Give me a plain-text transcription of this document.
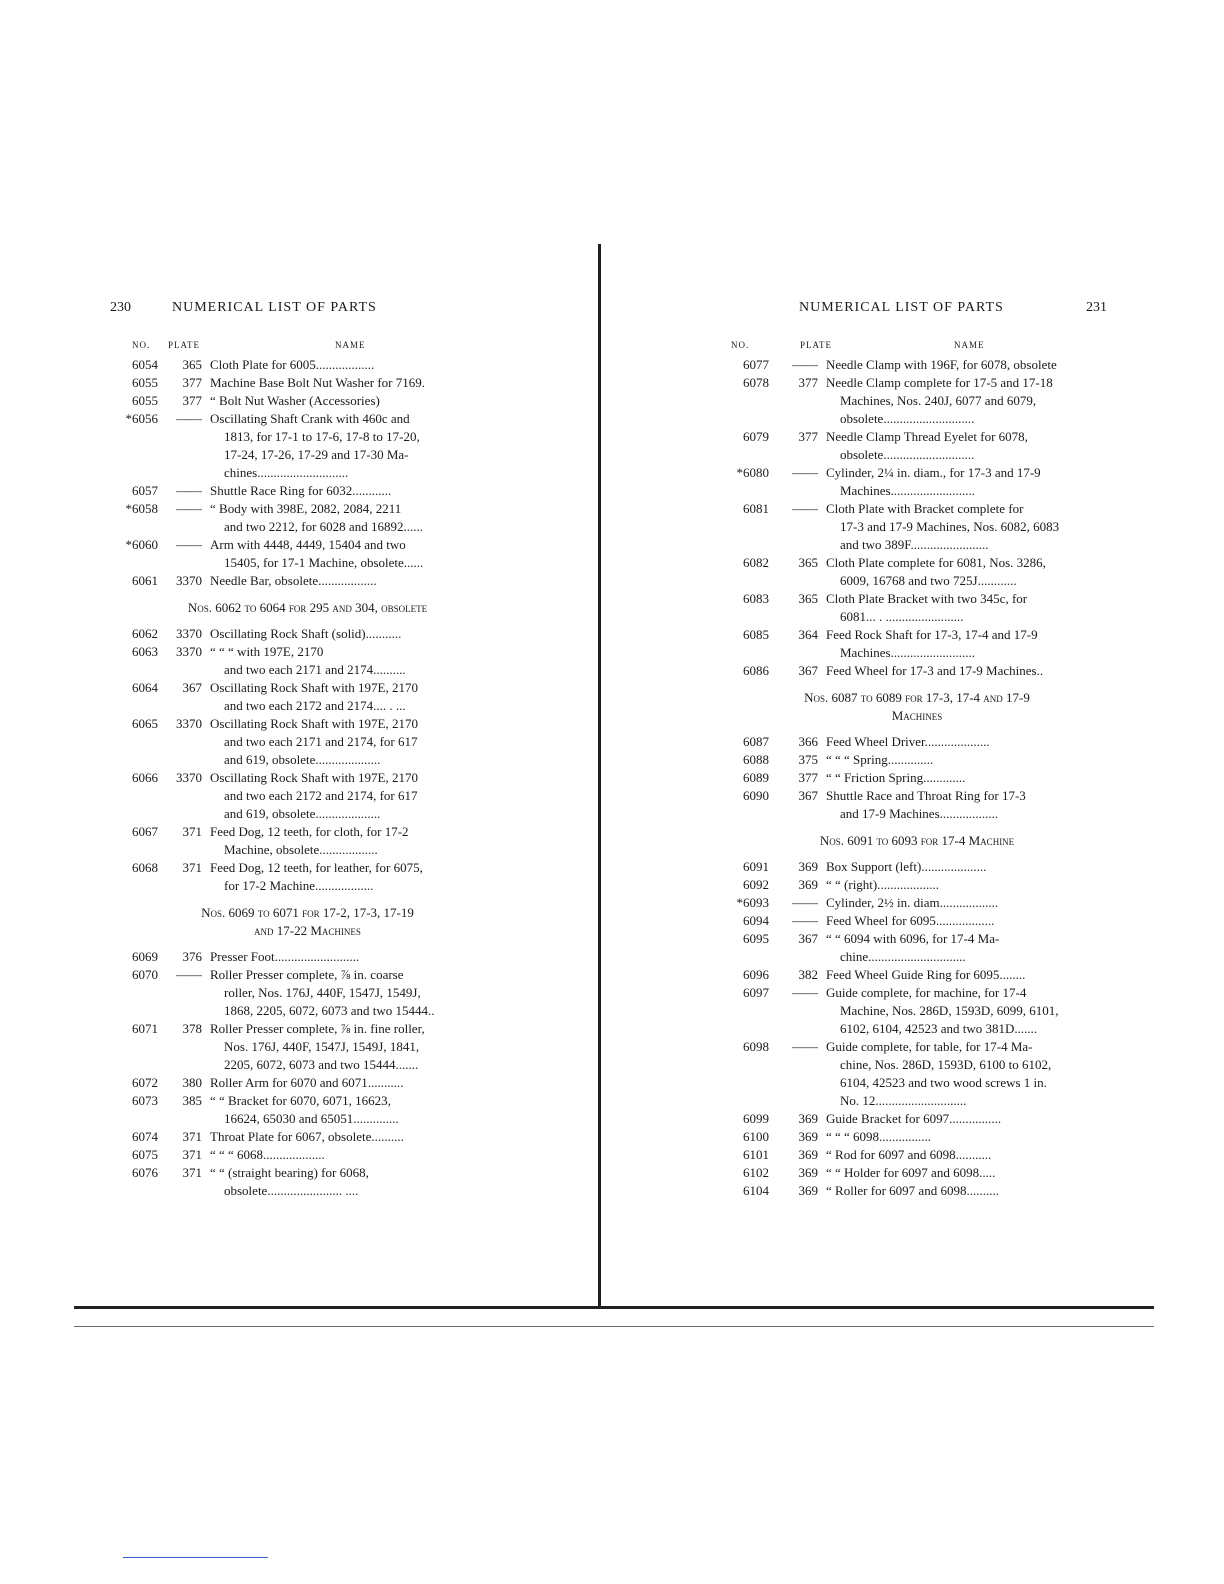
230	NUMERICAL LIST OF PARTS
NO. PLATE	NAME
6054	365 Cloth Plate for 6005..................
6055	377 Machine Base Bolt Nut Washer for 7169.
6055	377 “ Bolt Nut Washer (Accessories)
*6056	—— Oscillating Shaft Crank with 460c and
1813, for 17-1 to 17-6, 17-8 to 17-20,
17-24, 17-26, 17-29 and 17-30 Ma-
chines............................
6057	—— Shuttle Race Ring for 6032............
*6058	—— “ Body with 398E, 2082, 2084, 2211
and two 2212, for 6028 and 16892......
*6060	—— Arm with 4448, 4449, 15404 and two
15405, for 17-1 Machine, obsolete......
6061	3370 Needle Bar, obsolete..................
Nos. 6062 to 6064 for 295 and 304, obsolete
6062	3370 Oscillating Rock Shaft (solid)...........
6063	3370 “ “ “ with 197E, 2170
and two each 2171 and 2174..........
6064	367 Oscillating Rock Shaft with 197E, 2170
and two each 2172 and 2174.... . ...
6065	3370 Oscillating Rock Shaft with 197E, 2170
and two each 2171 and 2174, for 617
and 619, obsolete....................
6066	3370 Oscillating Rock Shaft with 197E, 2170
and two each 2172 and 2174, for 617
and 619, obsolete....................
6067	371 Feed Dog, 12 teeth, for cloth, for 17-2
Machine, obsolete..................
6068	371 Feed Dog, 12 teeth, for leather, for 6075,
for 17-2 Machine..................
Nos. 6069 to 6071 for 17-2, 17-3, 17-19
and 17-22 Machines
6069	376 Presser Foot..........................
6070	—— Roller Presser complete, ⅞ in. coarse
roller, Nos. 176J, 440F, 1547J, 1549J,
1868, 2205, 6072, 6073 and two 15444..
6071	378 Roller Presser complete, ⅞ in. fine roller,
Nos. 176J, 440F, 1547J, 1549J, 1841,
2205, 6072, 6073 and two 15444.......
6072	380 Roller Arm for 6070 and 6071...........
6073	385 “ “ Bracket for 6070, 6071, 16623,
16624, 65030 and 65051..............
6074	371 Throat Plate for 6067, obsolete..........
6075	371 “ “ “ 6068...................
6076	371 “ “ (straight bearing) for 6068,
obsolete....................... ....
NUMERICAL LIST OF PARTS	231
NO.	PLATE	NAME
6077	—— Needle Clamp with 196F, for 6078, obsolete
6078	377 Needle Clamp complete for 17-5 and 17-18
Machines, Nos. 240J, 6077 and 6079,
obsolete............................
6079	377 Needle Clamp Thread Eyelet for 6078,
obsolete............................
*6080	—— Cylinder, 2¼ in. diam., for 17-3 and 17-9
Machines..........................
6081	—— Cloth Plate with Bracket complete for
17-3 and 17-9 Machines, Nos. 6082, 6083
and two 389F........................
6082	365 Cloth Plate complete for 6081, Nos. 3286,
6009, 16768 and two 725J............
6083	365 Cloth Plate Bracket with two 345c, for
6081... . ........................
6085	364 Feed Rock Shaft for 17-3, 17-4 and 17-9
Machines..........................
6086	367 Feed Wheel for 17-3 and 17-9 Machines..
Nos. 6087 to 6089 for 17-3, 17-4 and 17-9
Machines
6087	366 Feed Wheel Driver....................
6088	375 “ “ “ Spring..............
6089	377 “ “ Friction Spring.............
6090	367 Shuttle Race and Throat Ring for 17-3
and 17-9 Machines..................
Nos. 6091 to 6093 for 17-4 Machine
6091	369 Box Support (left)....................
6092	369 “ “ (right)...................
*6093	—— Cylinder, 2½ in. diam..................
6094	—— Feed Wheel for 6095..................
6095	367 “ “ 6094 with 6096, for 17-4 Ma-
chine..............................
6096	382 Feed Wheel Guide Ring for 6095........
6097	—— Guide complete, for machine, for 17-4
Machine, Nos. 286D, 1593D, 6099, 6101,
6102, 6104, 42523 and two 381D.......
6098	—— Guide complete, for table, for 17-4 Ma-
chine, Nos. 286D, 1593D, 6100 to 6102,
6104, 42523 and two wood screws 1 in.
No. 12............................
6099	369 Guide Bracket for 6097................
6100	369 “ “ “ 6098................
6101	369 “ Rod for 6097 and 6098...........
6102	369 “ “ Holder for 6097 and 6098.....
6104	369 “ Roller for 6097 and 6098..........
